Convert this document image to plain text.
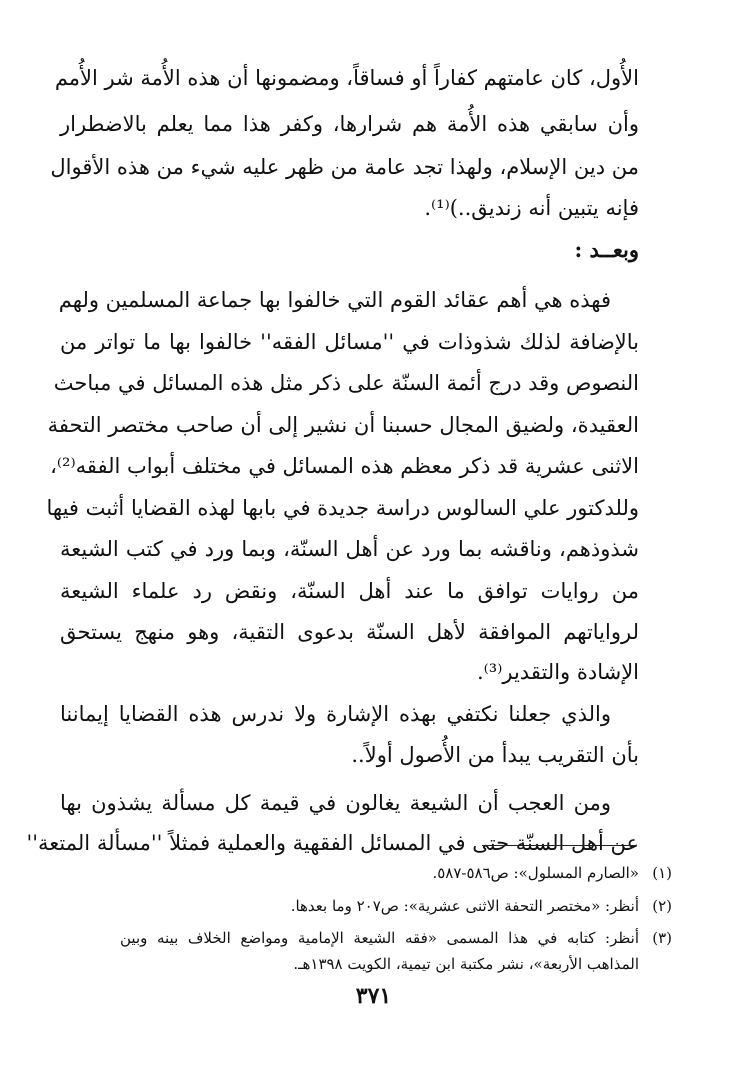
الأُول، كان عامتهم كفاراً أو فساقاً، ومضمونها أن هذه الأُمة شر الأُمم
وأن سابقي هذه الأُمة هم شرارها، وكفر هذا مما يعلم بالاضطرار
من دين الإسلام، ولهذا تجد عامة من ظهر عليه شيء من هذه الأقوال
فإنه يتبين أنه زنديق..)⁽¹⁾.
وبعــد :
فهذه هي أهم عقائد القوم التي خالفوا بها جماعة المسلمين ولهم
بالإضافة لذلك شذوذات في ''مسائل الفقه'' خالفوا بها ما تواتر من
النصوص وقد درج أئمة السنّة على ذكر مثل هذه المسائل في مباحث
العقيدة، ولضيق المجال حسبنا أن نشير إلى أن صاحب مختصر التحفة
الاثنى عشرية قد ذكر معظم هذه المسائل في مختلف أبواب الفقه⁽²⁾،
وللدكتور علي السالوس دراسة جديدة في بابها لهذه القضايا أثبت فيها
شذوذهم، وناقشه بما ورد عن أهل السنّة، وبما ورد في كتب الشيعة
من روايات توافق ما عند أهل السنّة، ونقض رد علماء الشيعة
لرواياتهم الموافقة لأهل السنّة بدعوى التقية، وهو منهج يستحق
الإشادة والتقدير⁽³⁾.
والذي جعلنا نكتفي بهذه الإشارة ولا ندرس هذه القضايا إيماننا
بأن التقريب يبدأ من الأُصول أولاً..
ومن العجب أن الشيعة يغالون في قيمة كل مسألة يشذون بها
عن أهل السنّة حتى في المسائل الفقهية والعملية فمثلاً ''مسألة المتعة''
(١)
«الصارم المسلول»: ص٥٨٦-٥٨٧.
(٢)
أنظر: «مختصر التحفة الاثنى عشرية»: ص٢٠٧ وما بعدها.
(٣)
أنظر: كتابه في هذا المسمى «فقه الشيعة الإمامية ومواضع الخلاف بينه وبين
المذاهب الأربعة»، نشر مكتبة ابن تيمية، الكويت ١٣٩٨هـ.
٣٧١
